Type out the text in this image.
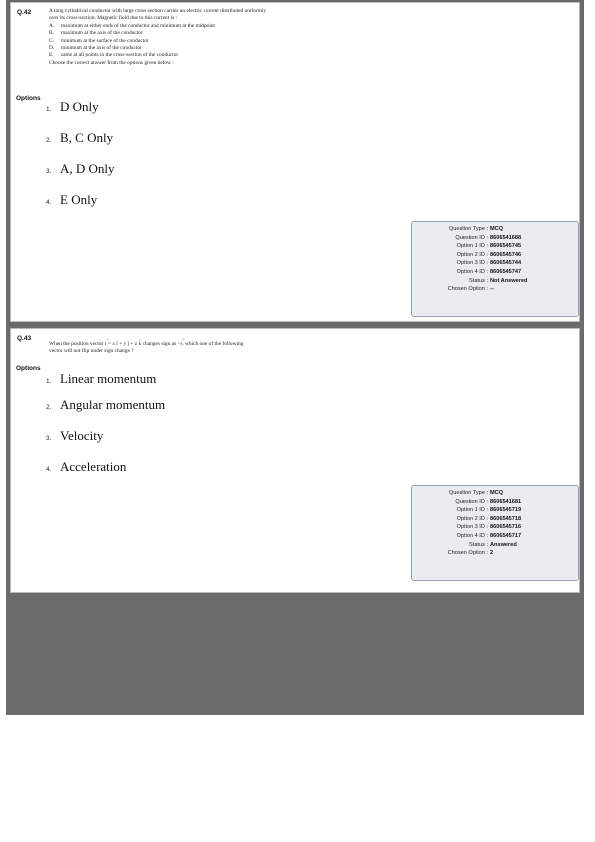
Q.42	A long cylindrical conductor with large cross section carries an electric current distributed uniformly
over its cross-section. Magnetic field due to this current is :
A.	maximum at either ends of the conductor and minimum at the midpoint
B.	maximum at the axis of the conductor
C.	minimum at the surface of the conductor
D.	minimum at the axis of the conductor
E.	same at all points in the cross-section of the conductor
Choose the correct answer from the options given below :
Options
1. D Only
2. B, C Only
3. A, D Only
4. E Only
Question Type : MCQ
Question ID : 8606541688
Option 1 ID : 8606545745
Option 2 ID : 8606545746
Option 3 ID : 8606545744
Option 4 ID : 8606545747
Status : Not Answered
Chosen Option : --
Q.43
When the position vector
→
r = x î + y ĵ + z k̂ changes sign as −
→
r, which one of the following
vector will not flip under sign change ?
Options
1. Linear momentum
2. Angular momentum
3. Velocity
4. Acceleration
Question Type : MCQ
Question ID : 8606541681
Option 1 ID : 8606545719
Option 2 ID : 8606545718
Option 3 ID : 8606545716
Option 4 ID : 8606545717
Status : Answered
Chosen Option : 2
